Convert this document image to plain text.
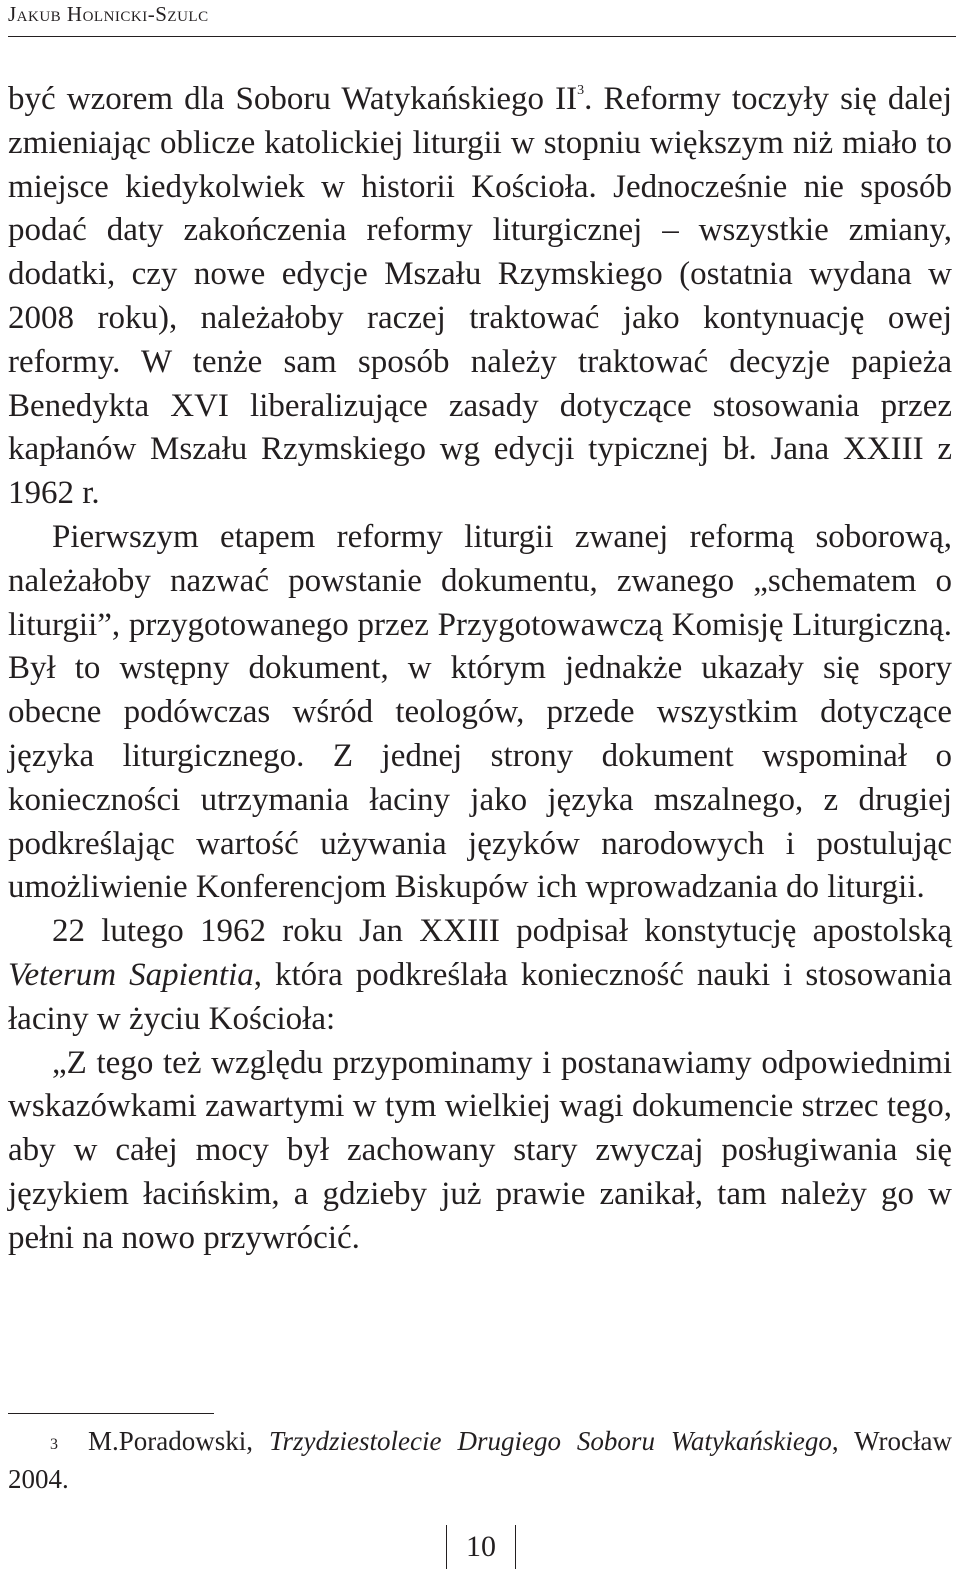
Jakub Holnicki-Szulc

być wzorem dla Soboru Watykańskiego II$^3$. Reformy toczyły się dalej zmieniając oblicze katolickiej liturgii w stopniu większym niż miało to miejsce kiedykolwiek w historii Kościoła. Jednocześnie nie sposób podać daty zakończenia reformy liturgicznej – wszystkie zmiany, dodatki, czy nowe edycje Mszału Rzymskiego (ostatnia wydana w 2008 roku), należałoby raczej traktować jako kontynuację owej reformy. W tenże sam sposób należy traktować decyzje papieża Benedykta XVI liberalizujące zasady dotyczące stosowania przez kapłanów Mszału Rzymskiego wg edycji typicznej bł. Jana XXIII z 1962 r.

Pierwszym etapem reformy liturgii zwanej reformą soborową, należałoby nazwać powstanie dokumentu, zwanego „schematem o liturgii”, przygotowanego przez Przygotowawczą Komisję Liturgiczną. Był to wstępny dokument, w którym jednakże ukazały się spory obecne podówczas wśród teologów, przede wszystkim dotyczące języka liturgicznego. Z jednej strony dokument wspominał o konieczności utrzymania łaciny jako języka mszalnego, z drugiej podkreślając wartość używania języków narodowych i postulując umożliwienie Konferencjom Biskupów ich wprowadzania do liturgii.

22 lutego 1962 roku Jan XXIII podpisał konstytucję apostolską Veterum Sapientia, która podkreślała konieczność nauki i stosowania łaciny w życiu Kościoła:

„Z tego też względu przypominamy i postanawiamy odpowiednimi wskazówkami zawartymi w tym wielkiej wagi dokumencie strzec tego, aby w całej mocy był zachowany stary zwyczaj posługiwania się językiem łacińskim, a gdzieby już prawie zanikał, tam należy go w pełni na nowo przywrócić.

$^3$ M.Poradowski, Trzydziestolecie Drugiego Soboru Watykańskiego, Wrocław 2004.
10
